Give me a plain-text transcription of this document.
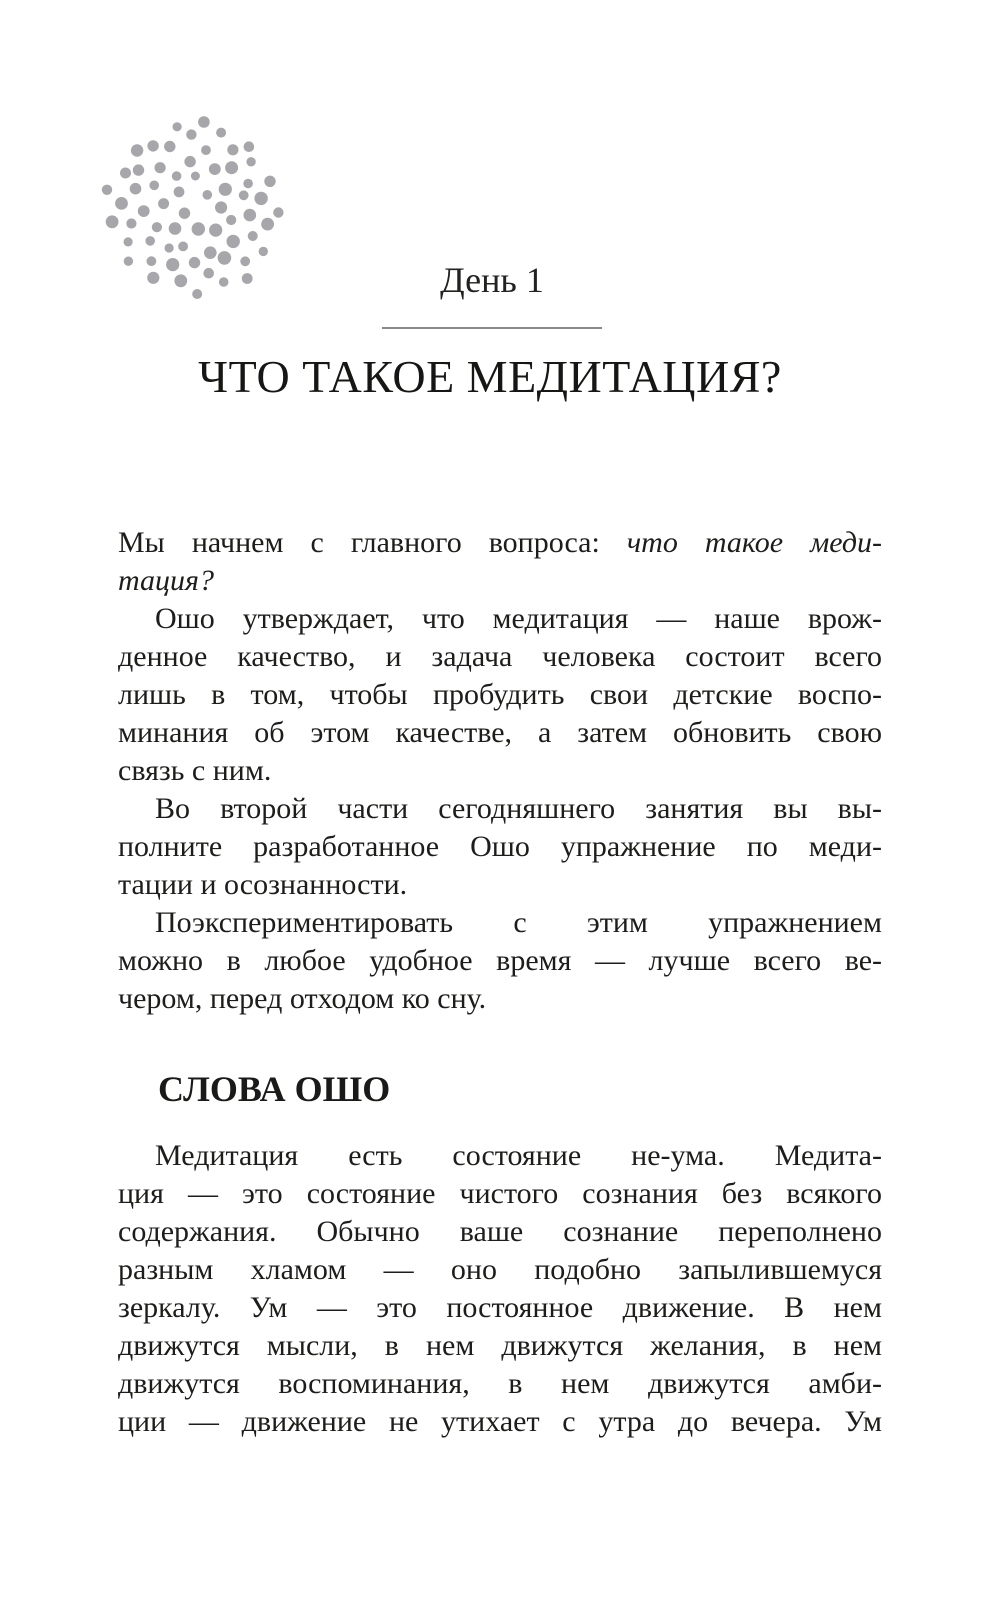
День 1
ЧТО ТАКОЕ МЕДИТАЦИЯ?
Мы начнем с главного вопроса: что такое меди-
тация?
Ошо утверждает, что медитация — наше врож-
денное качество, и задача человека состоит всего
лишь в том, чтобы пробудить свои детские воспо-
минания об этом качестве, а затем обновить свою
связь с ним.
Во второй части сегодняшнего занятия вы вы-
полните разработанное Ошо упражнение по меди-
тации и осознанности.
Поэкспериментировать с этим упражнением
можно в любое удобное время — лучше всего ве-
чером, перед отходом ко сну.
СЛОВА ОШО
Медитация есть состояние не-ума. Медита-
ция — это состояние чистого сознания без всякого
содержания. Обычно ваше сознание переполнено
разным хламом — оно подобно запылившемуся
зеркалу. Ум — это постоянное движение. В нем
движутся мысли, в нем движутся желания, в нем
движутся воспоминания, в нем движутся амби-
ции — движение не утихает с утра до вечера. Ум
